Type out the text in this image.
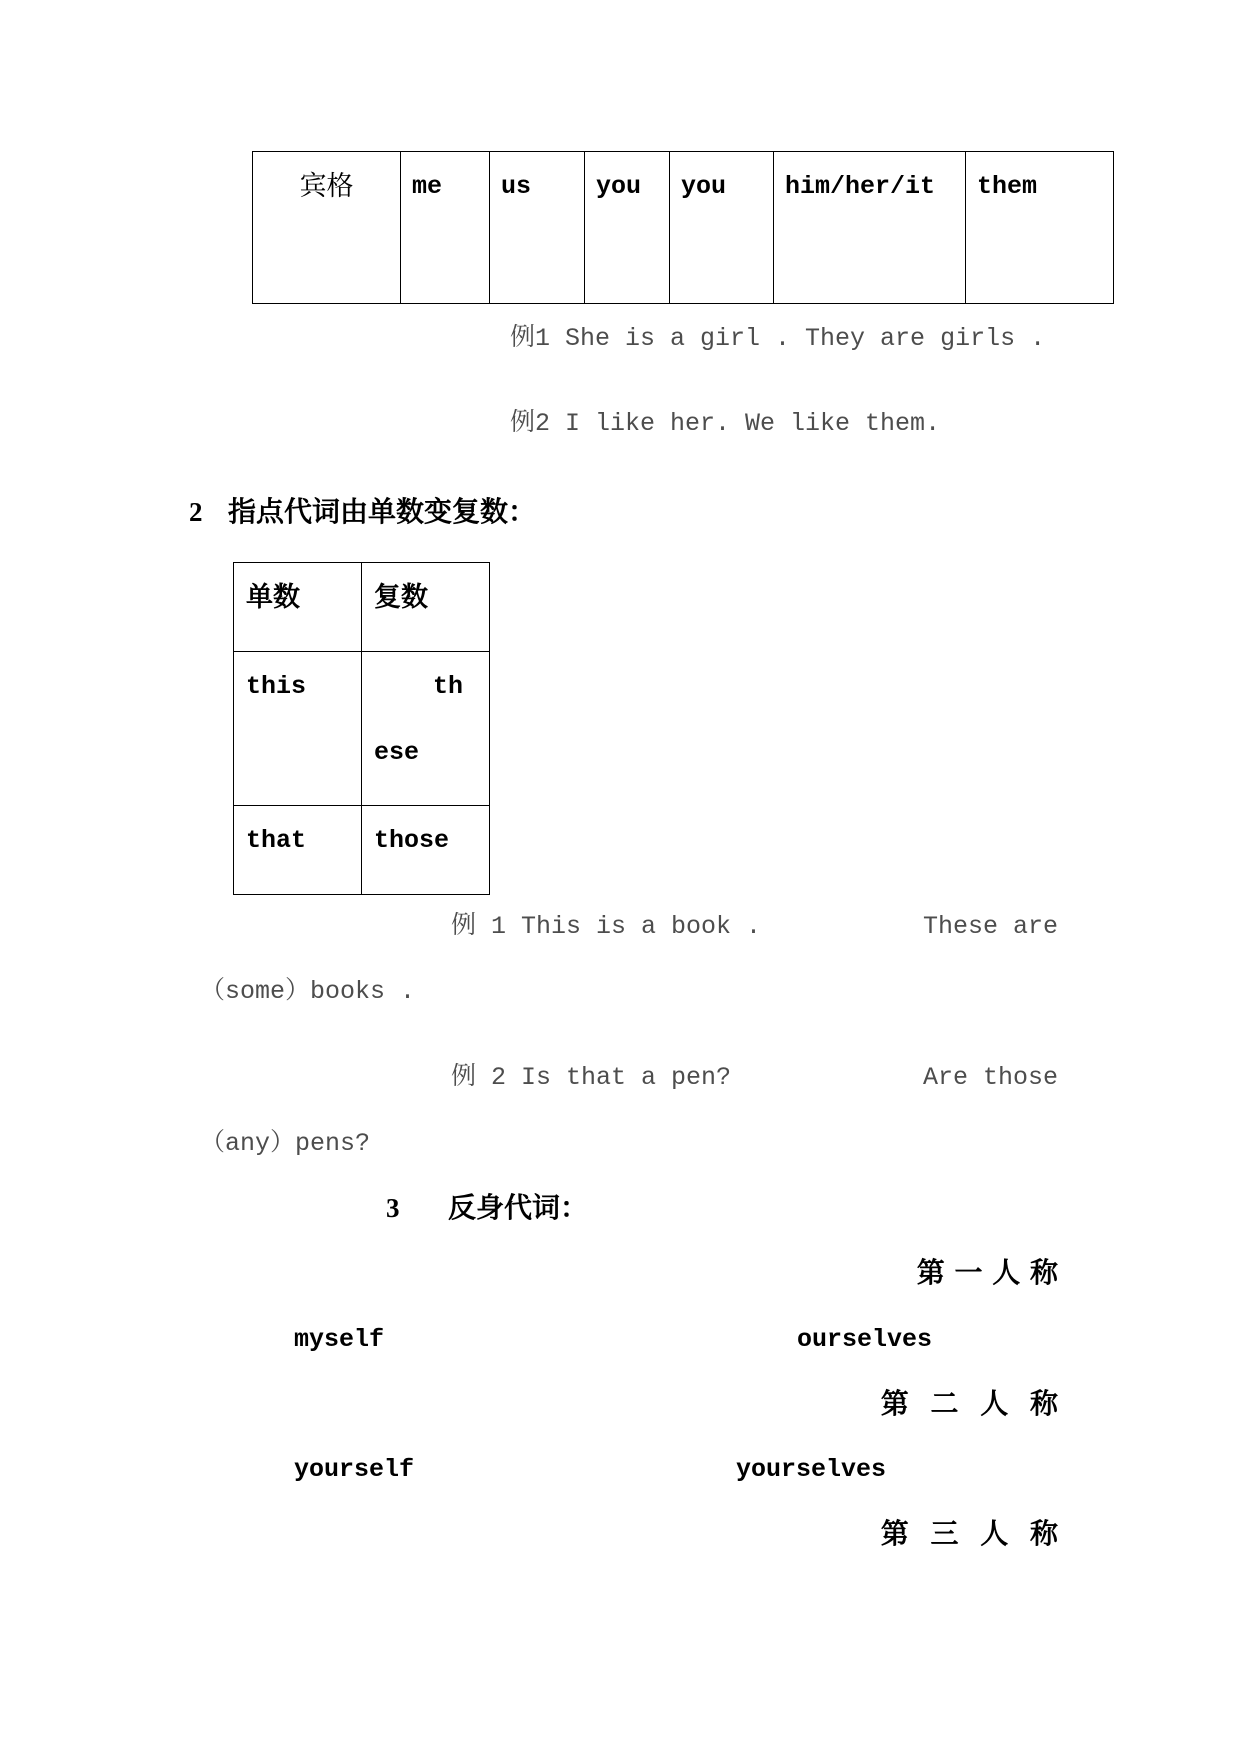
宾格	me	us	you	you	him/her/it	them
例1 She is a girl . They are girls .
例2 I like her. We like them.
2 指点代词由单数变复数：
单数	复数
this	th
ese

that	those
例 1 This is a book .	These are
（some）books .
例 2 Is that a pen?	Are those
（any）pens?
3 反身代词：
第 一 人 称
myself	ourselves
第 二 人 称
yourself	yourselves
第 三 人 称
